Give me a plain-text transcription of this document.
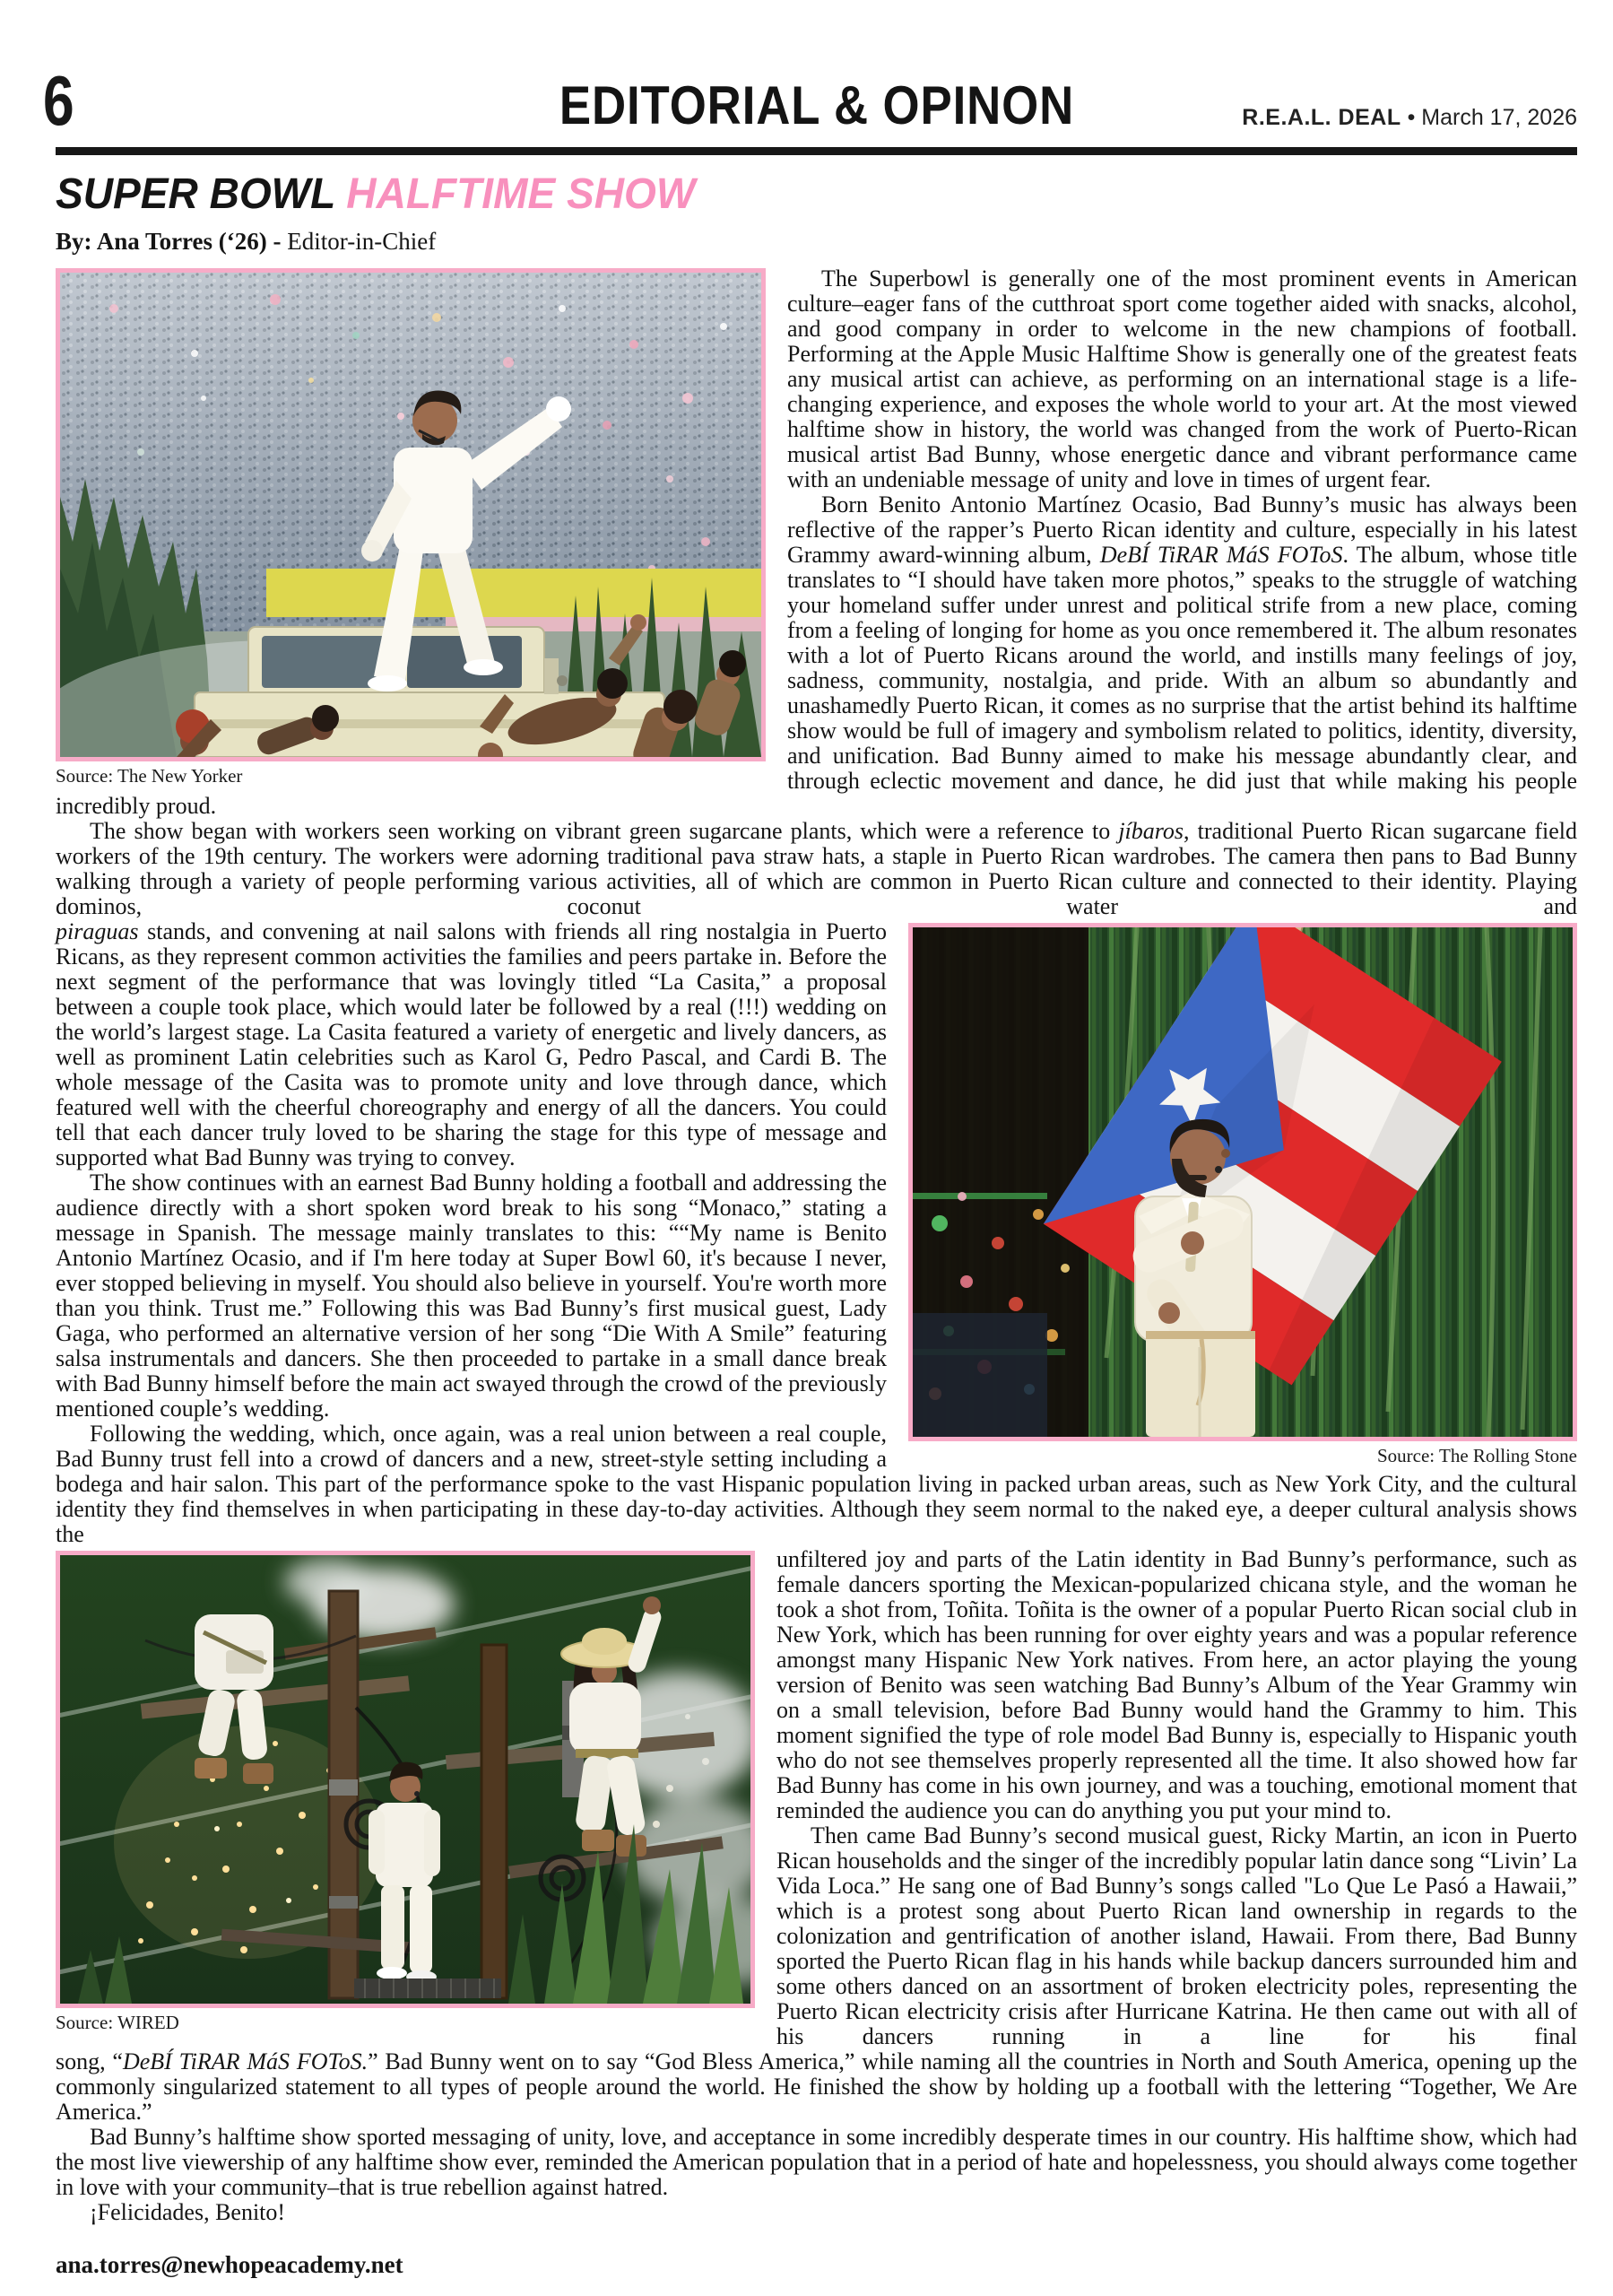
6	EDITORIAL & OPINON	R.E.A.L. DEAL • March 17, 2026
SUPER BOWL HALFTIME SHOW
By: Ana Torres (‘26) - Editor-in-Chief
Source: The New Yorker

The Superbowl is generally one of the most prominent events in American culture–eager fans of the cutthroat sport come together aided with snacks, alcohol, and good company in order to welcome in the new champions of football. Performing at the Apple Music Halftime Show is generally one of the greatest feats any musical artist can achieve, as performing on an international stage is a life-changing experience, and exposes the whole world to your art. At the most viewed halftime show in history, the world was changed from the work of Puerto-Rican musical artist Bad Bunny, whose energetic dance and vibrant performance came with an undeniable message of unity and love in times of urgent fear.

Born Benito Antonio Martínez Ocasio, Bad Bunny’s music has always been reflective of the rapper’s Puerto Rican identity and culture, especially in his latest Grammy award-winning album, DeBÍ TiRAR MáS FOToS. The album, whose title translates to “I should have taken more photos,” speaks to the struggle of watching your homeland suffer under unrest and political strife from a new place, coming from a feeling of longing for home as you once remembered it. The album resonates with a lot of Puerto Ricans around the world, and instills many feelings of joy, sadness, community, nostalgia, and pride. With an album so abundantly and unashamedly Puerto Rican, it comes as no surprise that the artist behind its halftime show would be full of imagery and symbolism related to politics, identity, diversity, and unification. Bad Bunny aimed to make his message abundantly clear, and through eclectic movement and dance, he did just that while making his people incredibly proud.

The show began with workers seen working on vibrant green sugarcane plants, which were a reference to jíbaros, traditional Puerto Rican sugarcane field workers of the 19th century. The workers were adorning traditional pava straw hats, a staple in Puerto Rican wardrobes. The camera then pans to Bad Bunny walking through a variety of people performing various activities, all of which are common in Puerto Rican culture and connected to their identity. Playing dominos, coconut water and

Source: The Rolling Stone

piraguas stands, and convening at nail salons with friends all ring nostalgia in Puerto Ricans, as they represent common activities the families and peers partake in. Before the next segment of the performance that was lovingly titled “La Casita,” a proposal between a couple took place, which would later be followed by a real (!!!) wedding on the world’s largest stage. La Casita featured a variety of energetic and lively dancers, as well as prominent Latin celebrities such as Karol G, Pedro Pascal, and Cardi B. The whole message of the Casita was to promote unity and love through dance, which featured well with the cheerful choreography and energy of all the dancers. You could tell that each dancer truly loved to be sharing the stage for this type of message and supported what Bad Bunny was trying to convey.

The show continues with an earnest Bad Bunny holding a football and addressing the audience directly with a short spoken word break to his song “Monaco,” stating a message in Spanish. The message mainly translates to this: ““My name is Benito Antonio Martínez Ocasio, and if I'm here today at Super Bowl 60, it's because I never, ever stopped believing in myself. You should also believe in yourself. You're worth more than you think. Trust me.” Following this was Bad Bunny’s first musical guest, Lady Gaga, who performed an alternative version of her song “Die With A Smile” featuring salsa instrumentals and dancers. She then proceeded to partake in a small dance break with Bad Bunny himself before the main act swayed through the crowd of the previously mentioned couple’s wedding.

Following the wedding, which, once again, was a real union between a real couple, Bad Bunny trust fell into a crowd of dancers and a new, street-style setting including a bodega and hair salon. This part of the performance spoke to the vast Hispanic population living in packed urban areas, such as New York City, and the cultural identity they find themselves in when participating in these day-to-day activities. Although they seem normal to the naked eye, a deeper cultural analysis shows the

Source: WIRED

unfiltered joy and parts of the Latin identity in Bad Bunny’s performance, such as female dancers sporting the Mexican-popularized chicana style, and the woman he took a shot from, Toñita. Toñita is the owner of a popular Puerto Rican social club in New York, which has been running for over eighty years and was a popular reference amongst many Hispanic New York natives. From here, an actor playing the young version of Benito was seen watching Bad Bunny’s Album of the Year Grammy win on a small television, before Bad Bunny would hand the Grammy to him. This moment signified the type of role model Bad Bunny is, especially to Hispanic youth who do not see themselves properly represented all the time. It also showed how far Bad Bunny has come in his own journey, and was a touching, emotional moment that reminded the audience you can do anything you put your mind to.

Then came Bad Bunny’s second musical guest, Ricky Martin, an icon in Puerto Rican households and the singer of the incredibly popular latin dance song “Livin’ La Vida Loca.” He sang one of Bad Bunny’s songs called "Lo Que Le Pasó a Hawaii,” which is a protest song about Puerto Rican land ownership in regards to the colonization and gentrification of another island, Hawaii. From there, Bad Bunny sported the Puerto Rican flag in his hands while backup dancers surrounded him and some others danced on an assortment of broken electricity poles, representing the Puerto Rican electricity crisis after Hurricane Katrina. He then came out with all of his dancers running in a line for his final

song, “DeBÍ TiRAR MáS FOToS.” Bad Bunny went on to say “God Bless America,” while naming all the countries in North and South America, opening up the commonly singularized statement to all types of people around the world. He finished the show by holding up a football with the lettering “Together, We Are America.”

Bad Bunny’s halftime show sported messaging of unity, love, and acceptance in some incredibly desperate times in our country. His halftime show, which had the most live viewership of any halftime show ever, reminded the American population that in a period of hate and hopelessness, you should always come together in love with your community–that is true rebellion against hatred.

¡Felicidades, Benito!

ana.torres@newhopeacademy.net
